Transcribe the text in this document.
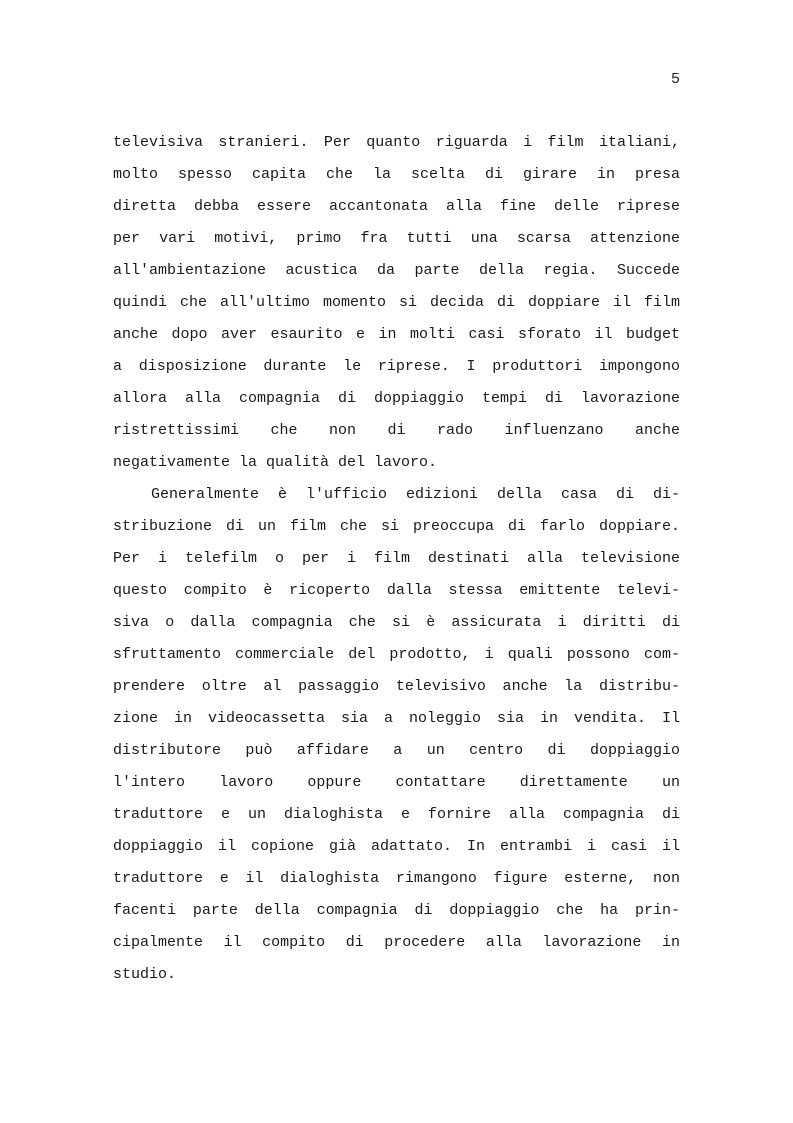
5
televisiva stranieri. Per quanto riguarda i film italiani,
molto spesso capita che la scelta di girare in presa
diretta debba essere accantonata alla fine delle riprese
per vari motivi, primo fra tutti una scarsa attenzione
all'ambientazione acustica da parte della regia. Succede
quindi che all'ultimo momento si decida di doppiare il film
anche dopo aver esaurito e in molti casi sforato il budget
a disposizione durante le riprese. I produttori impongono
allora alla compagnia di doppiaggio tempi di lavorazione
ristrettissimi che non di rado influenzano anche
negativamente la qualità del lavoro.
Generalmente è l'ufficio edizioni della casa di di-
stribuzione di un film che si preoccupa di farlo doppiare.
Per i telefilm o per i film destinati alla televisione
questo compito è ricoperto dalla stessa emittente televi-
siva o dalla compagnia che si è assicurata i diritti di
sfruttamento commerciale del prodotto, i quali possono com-
prendere oltre al passaggio televisivo anche la distribu-
zione in videocassetta sia a noleggio sia in vendita. Il
distributore può affidare a un centro di doppiaggio
l'intero lavoro oppure contattare direttamente un
traduttore e un dialoghista e fornire alla compagnia di
doppiaggio il copione già adattato. In entrambi i casi il
traduttore e il dialoghista rimangono figure esterne, non
facenti parte della compagnia di doppiaggio che ha prin-
cipalmente il compito di procedere alla lavorazione in
studio.
